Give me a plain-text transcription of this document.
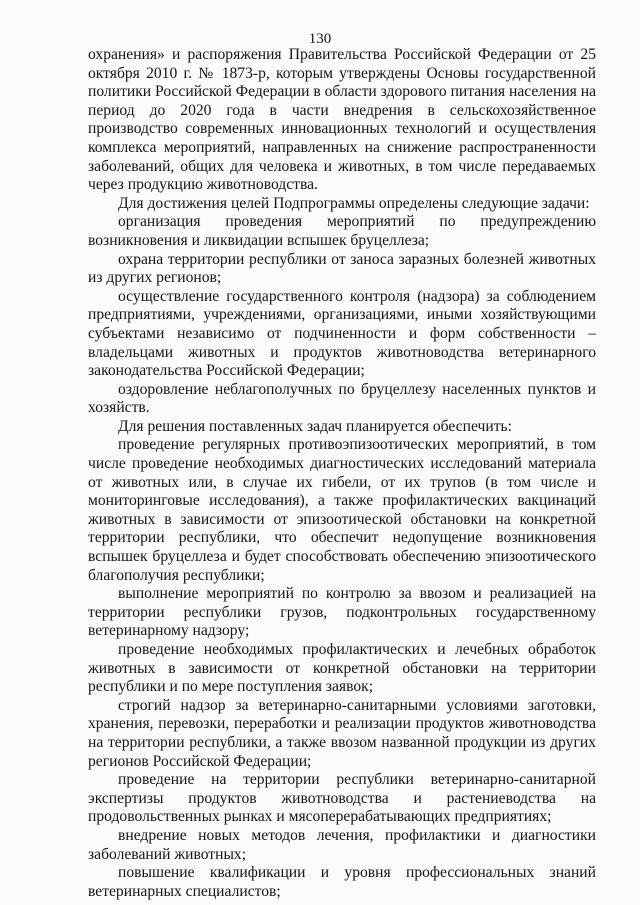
130

охранения» и распоряжения Правительства Российской Федерации от 25 октября 2010 г. № 1873-р, которым утверждены Основы государственной политики Российской Федерации в области здорового питания населения на период до 2020 года в части внедрения в сельскохозяйственное производство современных инновационных технологий и осуществления комплекса мероприятий, направленных на снижение распространенности заболеваний, общих для человека и животных, в том числе передаваемых через продукцию животноводства.

Для достижения целей Подпрограммы определены следующие задачи:

организация проведения мероприятий по предупреждению возникновения и ликвидации вспышек бруцеллеза;

охрана территории республики от заноса заразных болезней животных из других регионов;

осуществление государственного контроля (надзора) за соблюдением предприятиями, учреждениями, организациями, иными хозяйствующими субъектами независимо от подчиненности и форм собственности – владельцами животных и продуктов животноводства ветеринарного законодательства Российской Федерации;

оздоровление неблагополучных по бруцеллезу населенных пунктов и хозяйств.

Для решения поставленных задач планируется обеспечить:

проведение регулярных противоэпизоотических мероприятий, в том числе проведение необходимых диагностических исследований материала от животных или, в случае их гибели, от их трупов (в том числе и мониторинговые исследования), а также профилактических вакцинаций животных в зависимости от эпизоотической обстановки на конкретной территории республики, что обеспечит недопущение возникновения вспышек бруцеллеза и будет способствовать обеспечению эпизоотического благополучия республики;

выполнение мероприятий по контролю за ввозом и реализацией на территории республики грузов, подконтрольных государственному ветеринарному надзору;

проведение необходимых профилактических и лечебных обработок животных в зависимости от конкретной обстановки на территории республики и по мере поступления заявок;

строгий надзор за ветеринарно-санитарными условиями заготовки, хранения, перевозки, переработки и реализации продуктов животноводства на территории республики, а также ввозом названной продукции из других регионов Российской Федерации;

проведение на территории республики ветеринарно-санитарной экспертизы продуктов животноводства и растениеводства на продовольственных рынках и мясоперерабатывающих предприятиях;

внедрение новых методов лечения, профилактики и диагностики заболеваний животных;

повышение квалификации и уровня профессиональных знаний ветеринарных специалистов;
